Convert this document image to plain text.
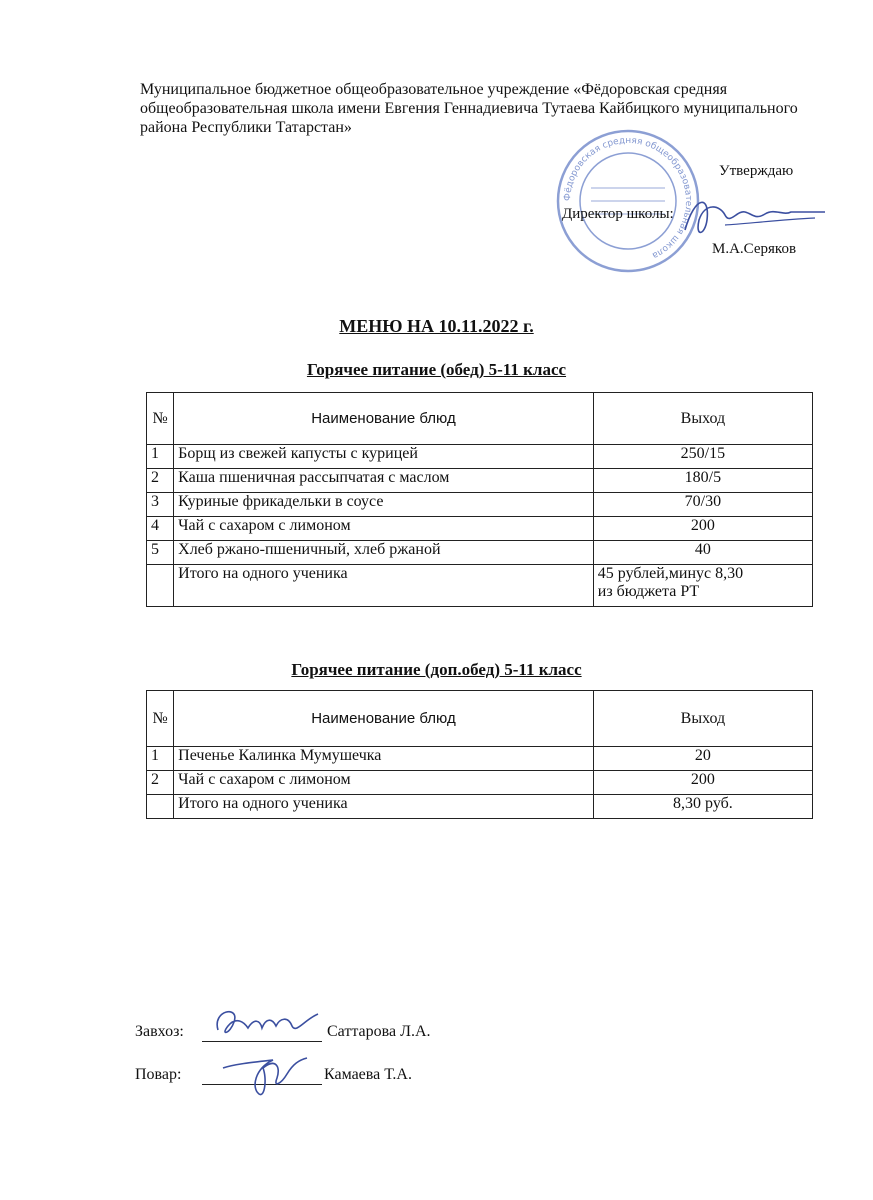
Муниципальное бюджетное общеобразовательное учреждение «Фёдоровская средняя общеобразовательная школа имени Евгения Геннадиевича Тутаева Кайбицкого муниципального района Республики Татарстан»
Фёдоровская средняя общеобразовательная школа
Утверждаю
Директор школы:
М.А.Серяков
МЕНЮ НА 10.11.2022 г.
Горячее питание (обед) 5-11 класс
№	Наименование блюд	Выход
1	Борщ из свежей капусты с курицей	250/15
2	Каша пшеничная рассыпчатая с маслом	180/5
3	Куриные фрикадельки в соусе	70/30
4	Чай с сахаром с лимоном	200
5	Хлеб ржано-пшеничный, хлеб ржаной	40
	Итого на одного ученика	45 рублей,минус 8,30
из бюджета РТ
Горячее питание (доп.обед) 5-11 класс
№	Наименование блюд	Выход
1	Печенье Калинка Мумушечка	20
2	Чай с сахаром с лимоном	200
	Итого на одного ученика	8,30 руб.
Завхоз:	Саттарова Л.А.
Повар:	Камаева Т.А.
